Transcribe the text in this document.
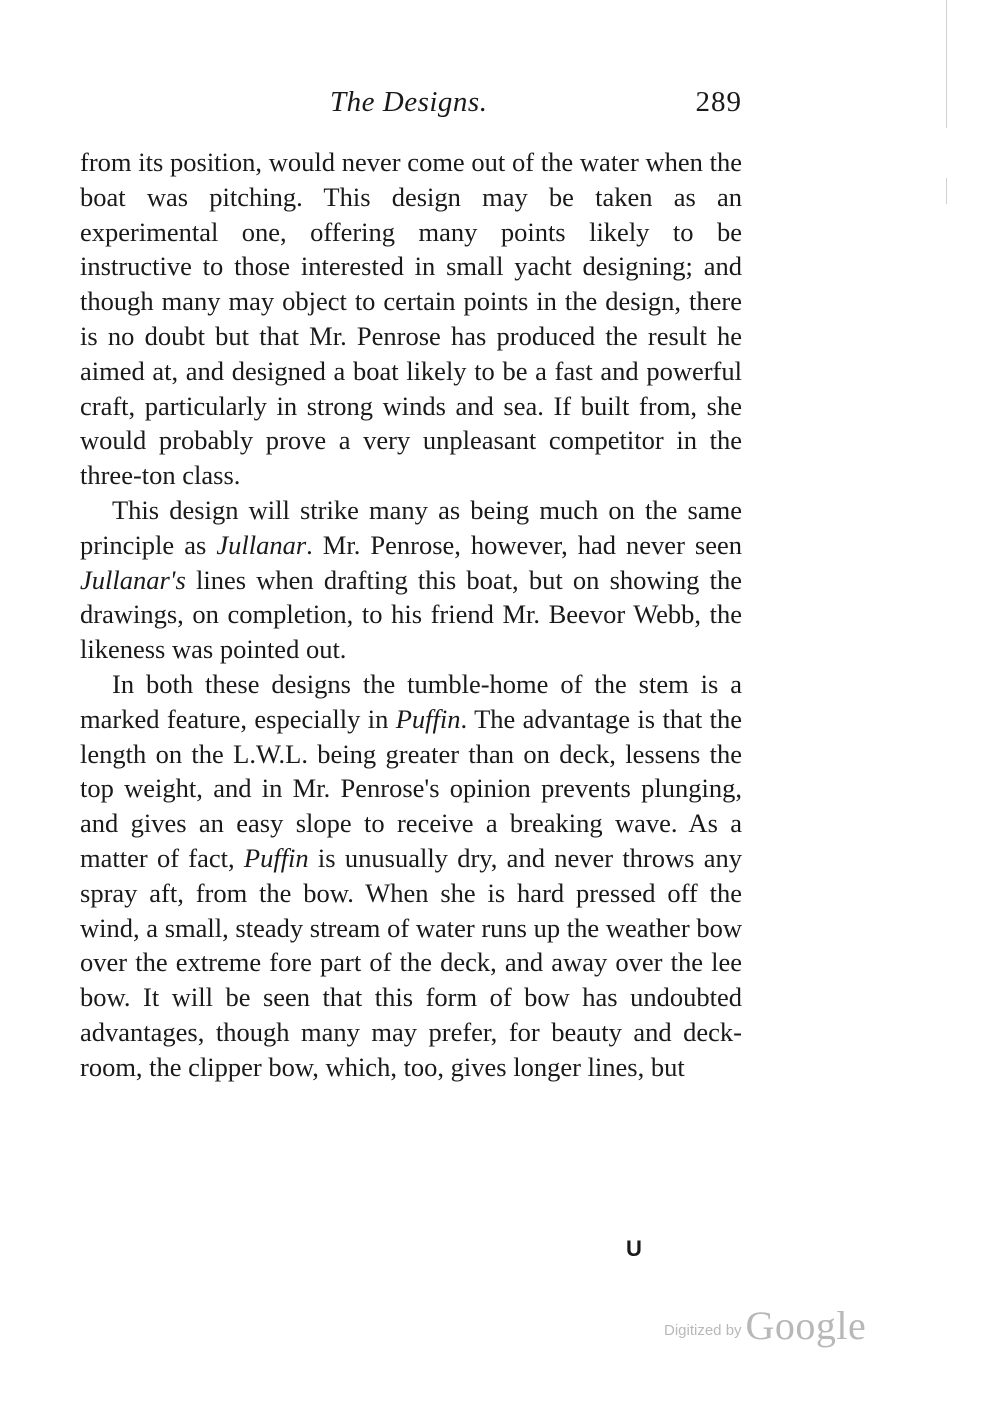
The Designs.	289

from its position, would never come out of the water when the boat was pitching. This design may be taken as an experimental one, offering many points likely to be instructive to those interested in small yacht designing; and though many may object to certain points in the design, there is no doubt but that Mr. Penrose has produced the result he aimed at, and designed a boat likely to be a fast and powerful craft, particularly in strong winds and sea. If built from, she would probably prove a very unpleasant competitor in the three-ton class.

This design will strike many as being much on the same principle as Jullanar. Mr. Penrose, however, had never seen Jullanar's lines when drafting this boat, but on showing the drawings, on completion, to his friend Mr. Beevor Webb, the likeness was pointed out.

In both these designs the tumble-home of the stem is a marked feature, especially in Puffin. The advantage is that the length on the L.W.L. being greater than on deck, lessens the top weight, and in Mr. Penrose's opinion prevents plunging, and gives an easy slope to receive a breaking wave. As a matter of fact, Puffin is unusually dry, and never throws any spray aft, from the bow. When she is hard pressed off the wind, a small, steady stream of water runs up the weather bow over the extreme fore part of the deck, and away over the lee bow. It will be seen that this form of bow has undoubted advantages, though many may prefer, for beauty and deck-room, the clipper bow, which, too, gives longer lines, but

U
Digitized by Google
